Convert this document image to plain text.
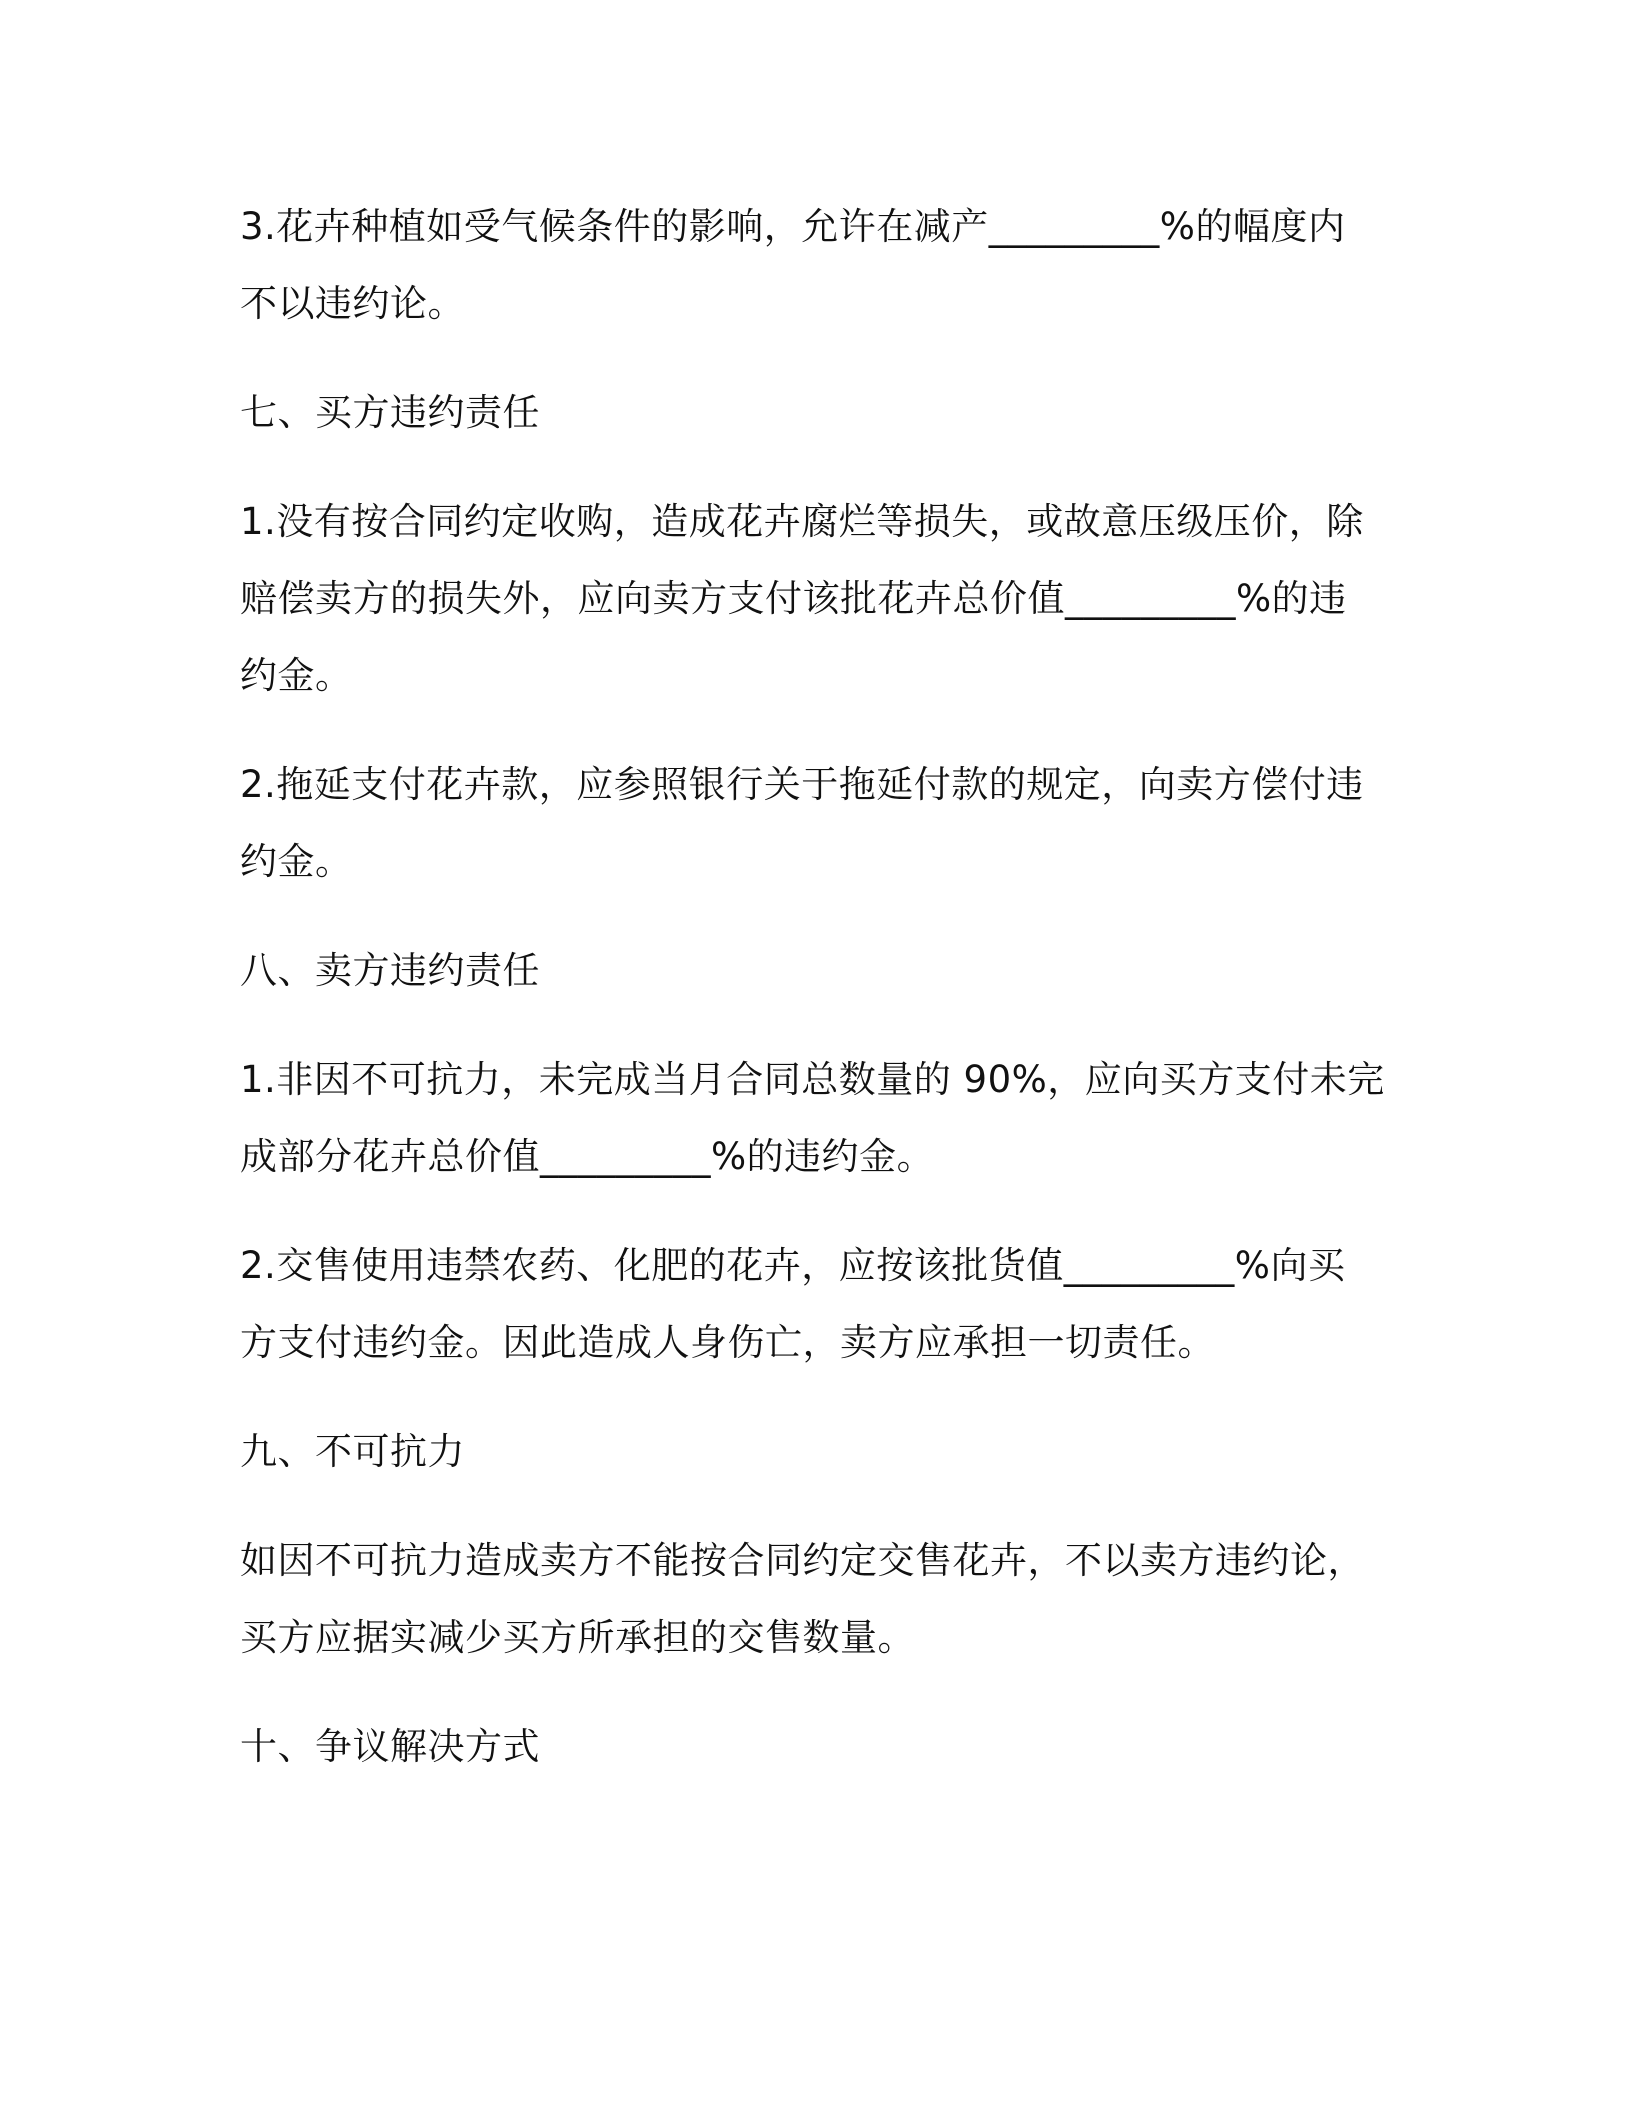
3.花卉种植如受气候条件的影响，允许在减产_________%的幅度内
不以违约论。
七、买方违约责任
1.没有按合同约定收购，造成花卉腐烂等损失，或故意压级压价，除
赔偿卖方的损失外，应向卖方支付该批花卉总价值_________%的违
约金。
2.拖延支付花卉款，应参照银行关于拖延付款的规定，向卖方偿付违
约金。
八、卖方违约责任
1.非因不可抗力，未完成当月合同总数量的 90%，应向买方支付未完
成部分花卉总价值_________%的违约金。
2.交售使用违禁农药、化肥的花卉，应按该批货值_________%向买
方支付违约金。因此造成人身伤亡，卖方应承担一切责任。
九、不可抗力
如因不可抗力造成卖方不能按合同约定交售花卉，不以卖方违约论，
买方应据实减少买方所承担的交售数量。
十、争议解决方式
